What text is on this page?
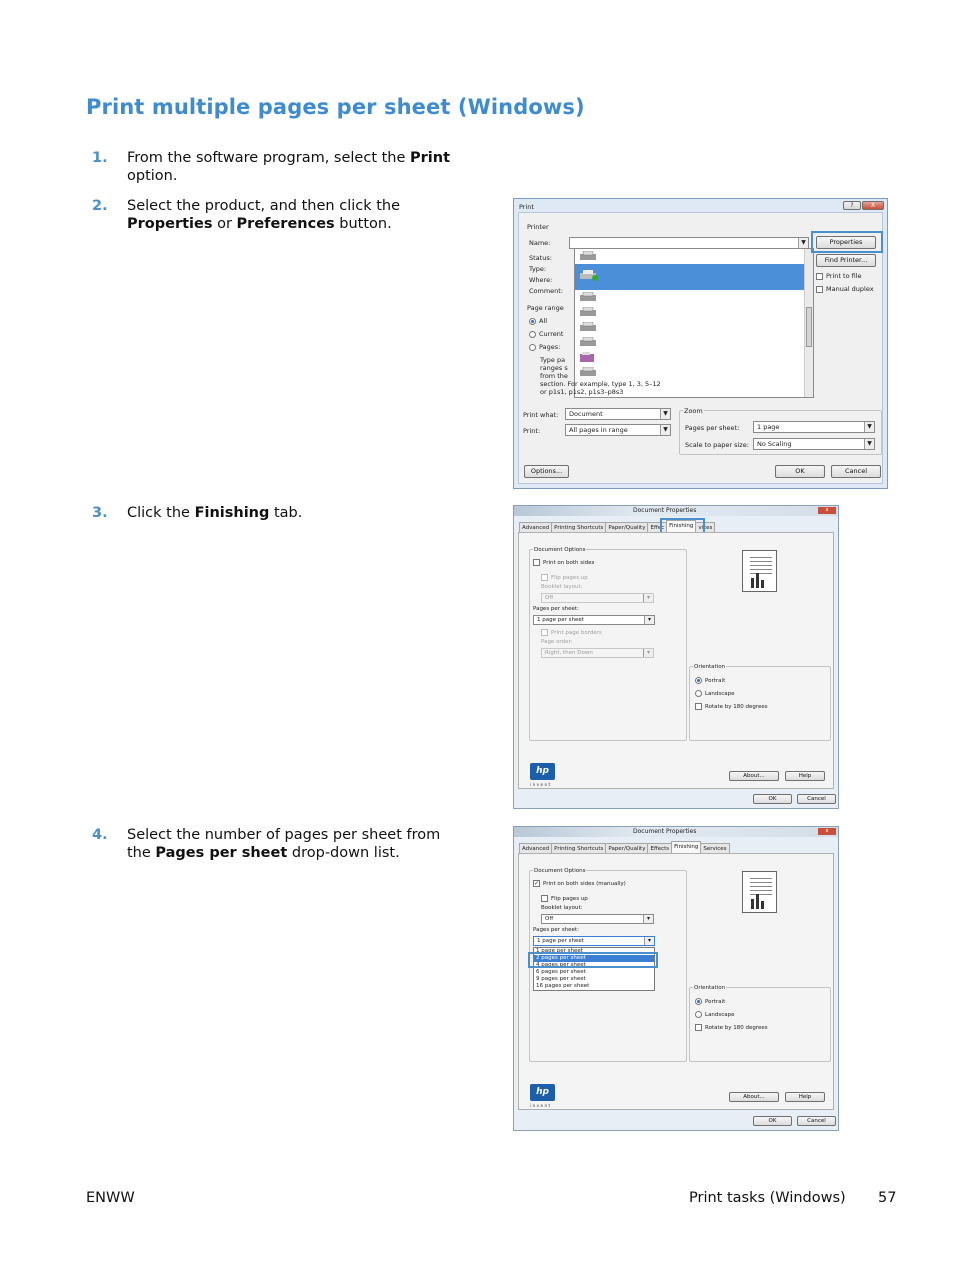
Print multiple pages per sheet (Windows)
1. From the software program, select the Print option.
2. Select the product, and then click the Properties or Preferences button.
3. Click the Finishing tab.
4. Select the number of pages per sheet from the Pages per sheet drop-down list.
Print	?	X
Printer
Name:
Status:
Type:
Where:
Comment:
▼	Properties
Find Printer...
Print to file
Manual duplex
Page range
All
Current
Pages:
Type pa
ranges s
from the
section. For example, type 1, 3, 5–12
or p1s1, p1s2, p1s3–p8s3
Print what:	Document	▼
Print:	All pages in range	▼
Zoom
Pages per sheet:	1 page	▼
Scale to paper size:	No Scaling	▼
Options...	OK	Cancel
Document Properties	x
Advanced Printing Shortcuts Paper/Quality Effec Finishing vices
Document Options
Print on both sides
Flip pages up
Booklet layout:
Off	▾
Pages per sheet:
1 page per sheet	▾
Print page borders
Page order:
Right, then Down	▾
Orientation
Portrait
Landscape
Rotate by 180 degrees
hp
invent
About...	Help
OK	Cancel
Document Properties	x
Advanced Printing Shortcuts Paper/Quality Effects Finishing Services
Document Options
✓ Print on both sides (manually)
Flip pages up
Booklet layout:
Off	▾
Pages per sheet:
1 page per sheet	▾
1 page per sheet
2 pages per sheet
4 pages per sheet
6 pages per sheet
9 pages per sheet
16 pages per sheet	Orientation
Portrait
Landscape
Rotate by 180 degrees
hp
invent
About...	Help
OK	Cancel
ENWW	Print tasks (Windows) 57
